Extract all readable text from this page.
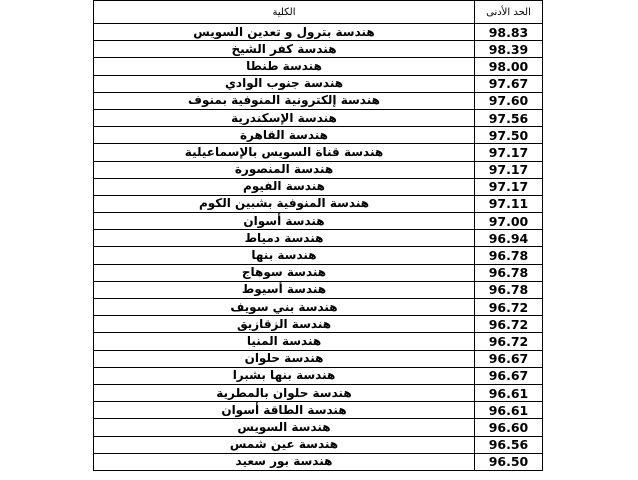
الحد الأدنى	الكلية
98.83	هندسة بترول و تعدين السويس
98.39	هندسة كفر الشيخ
98.00	هندسة طنطا
97.67	هندسة جنوب الوادي
97.60	هندسة إلكترونية المنوفية بمنوف
97.56	هندسة الإسكندرية
97.50	هندسة القاهرة
97.17	هندسة قناة السويس بالإسماعيلية
97.17	هندسة المنصورة
97.17	هندسة الفيوم
97.11	هندسة المنوفية بشبين الكوم
97.00	هندسة أسوان
96.94	هندسة دمياط
96.78	هندسة بنها
96.78	هندسة سوهاج
96.78	هندسة أسيوط
96.72	هندسة بني سويف
96.72	هندسة الزقازيق
96.72	هندسة المنيا
96.67	هندسة حلوان
96.67	هندسة بنها بشبرا
96.61	هندسة حلوان بالمطرية
96.61	هندسة الطاقة أسوان
96.60	هندسة السويس
96.56	هندسة عين شمس
96.50	هندسة بور سعيد
